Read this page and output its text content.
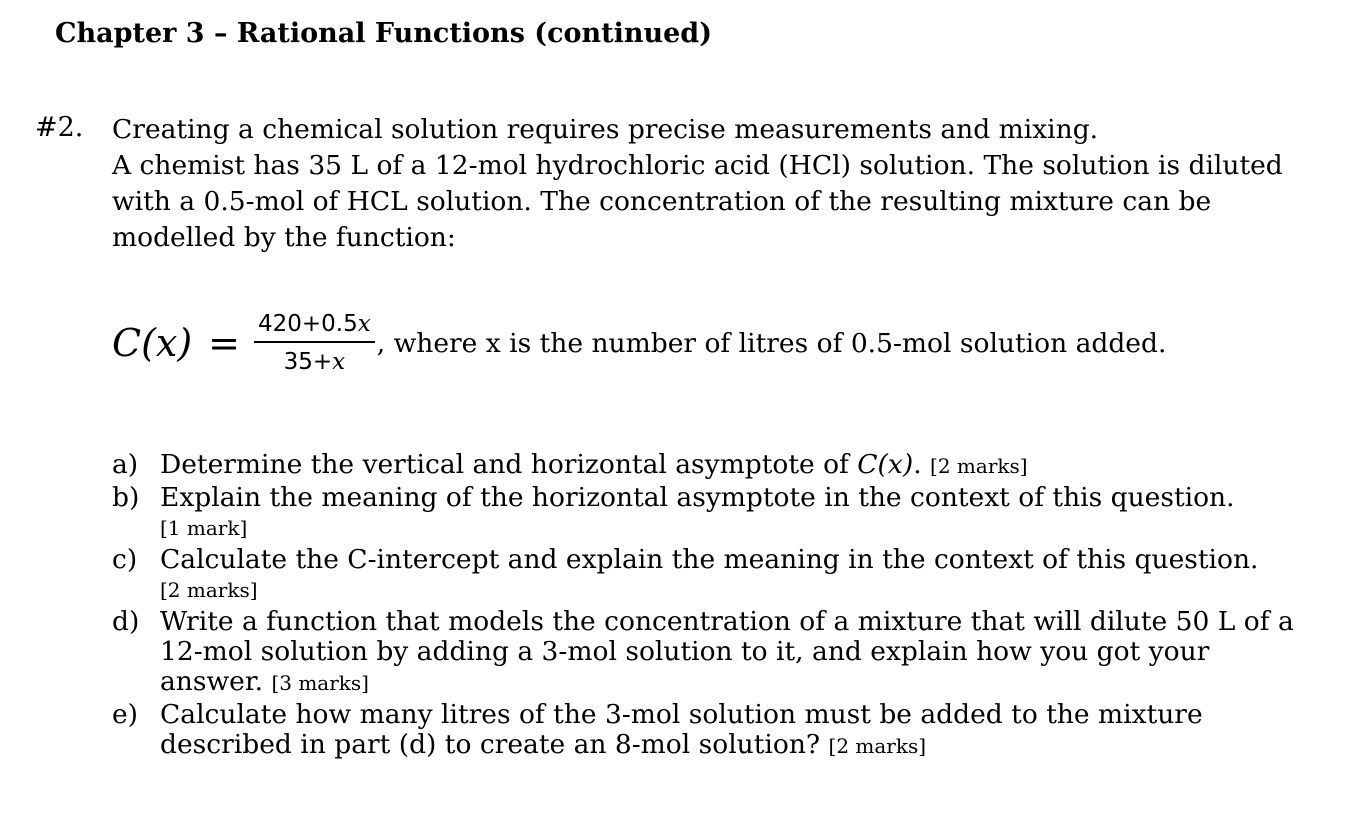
Chapter 3 – Rational Functions (continued)
#2. Creating a chemical solution requires precise measurements and mixing.

A chemist has 35 L of a 12-mol hydrochloric acid (HCl) solution. The solution is diluted

with a 0.5-mol of HCL solution. The concentration of the resulting mixture can be

modelled by the function:

$C(x) = \frac{420+0.5x}{35+x}$ , where x is the number of litres of 0.5-mol solution added.
a) Determine the vertical and horizontal asymptote of C(x). [2 marks]
b) Explain the meaning of the horizontal asymptote in the context of this question.
[1 mark]
c) Calculate the C-intercept and explain the meaning in the context of this question.
[2 marks]
d) Write a function that models the concentration of a mixture that will dilute 50 L of a
12-mol solution by adding a 3-mol solution to it, and explain how you got your
answer. [3 marks]
e) Calculate how many litres of the 3-mol solution must be added to the mixture
described in part (d) to create an 8-mol solution? [2 marks]
